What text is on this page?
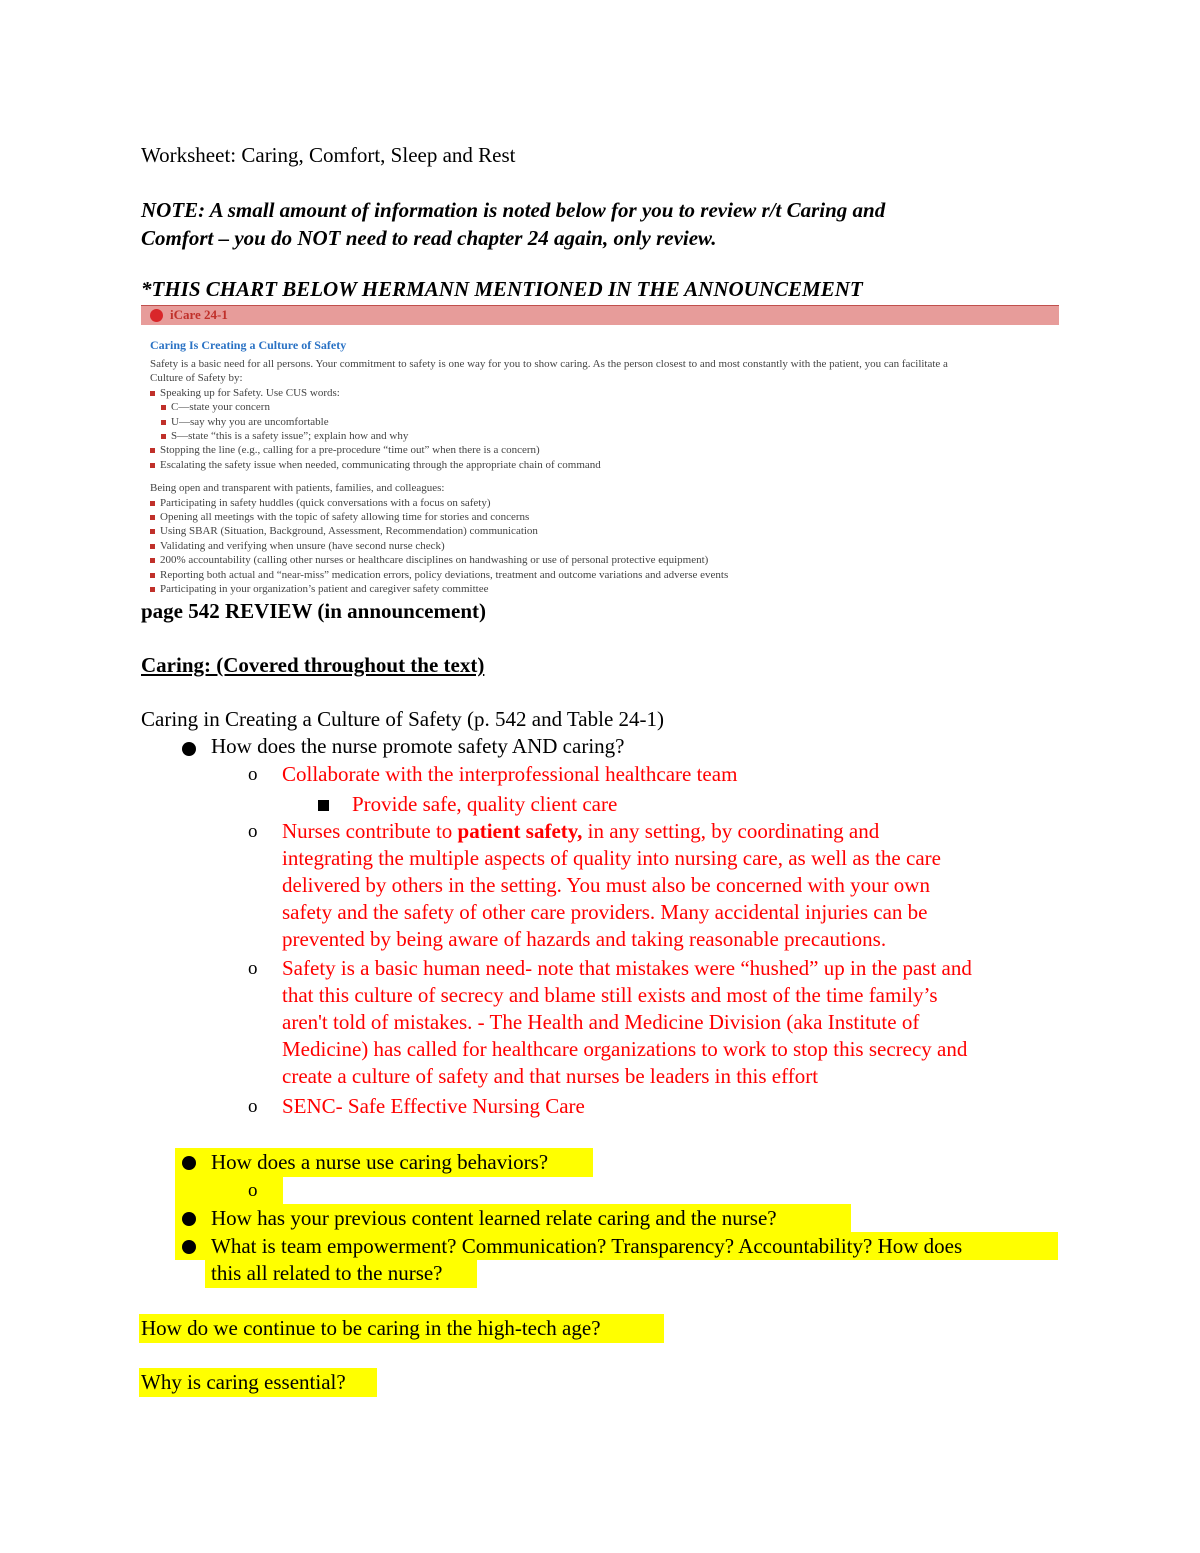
Worksheet: Caring, Comfort, Sleep and Rest
NOTE: A small amount of information is noted below for you to review r/t Caring and
Comfort – you do NOT need to read chapter 24 again, only review.
*THIS CHART BELOW HERMANN MENTIONED IN THE ANNOUNCEMENT
iCare 24-1
Caring Is Creating a Culture of Safety
Safety is a basic need for all persons. Your commitment to safety is one way for you to show caring. As the person closest to and most constantly with the patient, you can facilitate a
Culture of Safety by:
Speaking up for Safety. Use CUS words:
C—state your concern
U—say why you are uncomfortable
S—state “this is a safety issue”; explain how and why
Stopping the line (e.g., calling for a pre-procedure “time out” when there is a concern)
Escalating the safety issue when needed, communicating through the appropriate chain of command
Being open and transparent with patients, families, and colleagues:
Participating in safety huddles (quick conversations with a focus on safety)
Opening all meetings with the topic of safety allowing time for stories and concerns
Using SBAR (Situation, Background, Assessment, Recommendation) communication
Validating and verifying when unsure (have second nurse check)
200% accountability (calling other nurses or healthcare disciplines on handwashing or use of personal protective equipment)
Reporting both actual and “near-miss” medication errors, policy deviations, treatment and outcome variations and adverse events
Participating in your organization’s patient and caregiver safety committee
page 542 REVIEW (in announcement)
Caring: (Covered throughout the text)
Caring in Creating a Culture of Safety (p. 542 and Table 24-1)
How does the nurse promote safety AND caring?
o Collaborate with the interprofessional healthcare team
Provide safe, quality client care
o Nurses contribute to patient safety, in any setting, by coordinating and
integrating the multiple aspects of quality into nursing care, as well as the care
delivered by others in the setting. You must also be concerned with your own
safety and the safety of other care providers. Many accidental injuries can be
prevented by being aware of hazards and taking reasonable precautions.
o Safety is a basic human need- note that mistakes were “hushed” up in the past and
that this culture of secrecy and blame still exists and most of the time family’s
aren't told of mistakes. - The Health and Medicine Division (aka Institute of
Medicine) has called for healthcare organizations to work to stop this secrecy and
create a culture of safety and that nurses be leaders in this effort
o SENC- Safe Effective Nursing Care
How does a nurse use caring behaviors?
o
How has your previous content learned relate caring and the nurse?
What is team empowerment? Communication? Transparency? Accountability? How does
this all related to the nurse?
How do we continue to be caring in the high-tech age?
Why is caring essential?
